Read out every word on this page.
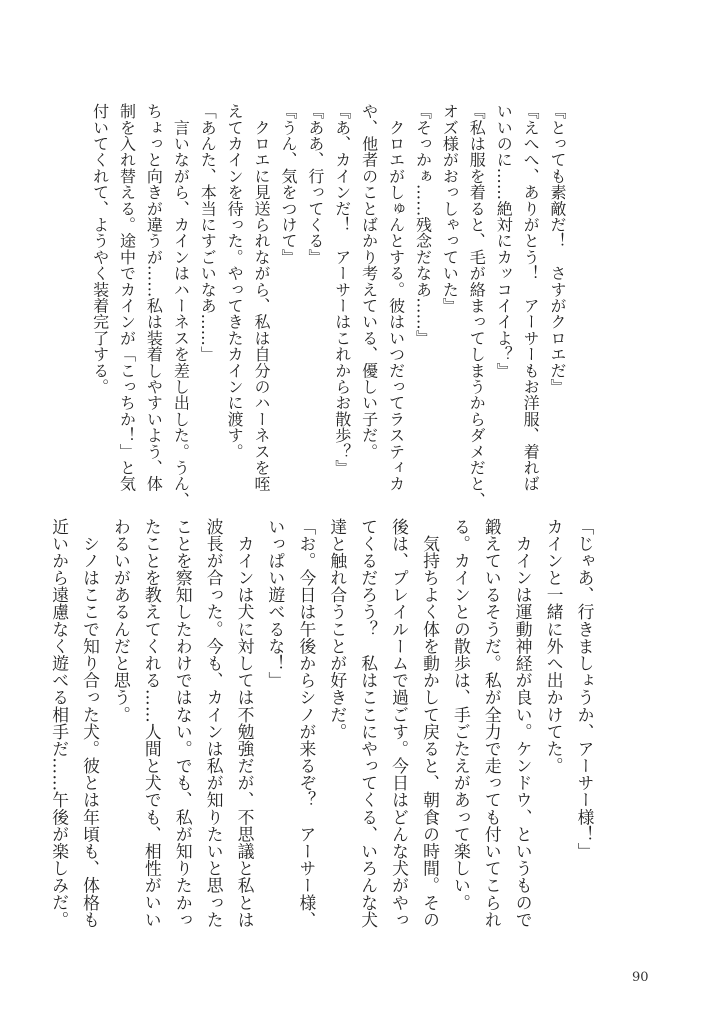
『とっても素敵だ！　さすがクロエだ』
『えへへ、ありがとう！　アーサーもお洋服、着れば
いいのに……絶対にカッコイイよ？』
『私は服を着ると、毛が絡まってしまうからダメだと、
オズ様がおっしゃっていた』
『そっかぁ……残念だなあ……』
　クロエがしゅんとする。彼はいつだってラスティカ
や、他者のことばかり考えている、優しい子だ。
『あ、カインだ！　アーサーはこれからお散歩？』
『ああ、行ってくる』
『うん、気をつけて』
　クロエに見送られながら、私は自分のハーネスを咥
えてカインを待った。やってきたカインに渡す。
「あんた、本当にすごいなあ……」
　言いながら、カインはハーネスを差し出した。うん、
ちょっと向きが違うが……私は装着しやすいよう、体
制を入れ替える。途中でカインが「こっちか！」と気
付いてくれて、ようやく装着完了する。
「じゃあ、行きましょうか、アーサー様！」
カインと一緒に外へ出かけてた。
　カインは運動神経が良い。ケンドウ、というもので
鍛えているそうだ。私が全力で走っても付いてこられ
る。カインとの散歩は、手ごたえがあって楽しい。
　気持ちよく体を動かして戻ると、朝食の時間。その
後は、プレイルームで過ごす。今日はどんな犬がやっ
てくるだろう？　私はここにやってくる、いろんな犬
達と触れ合うことが好きだ。
「お。今日は午後からシノが来るぞ？　アーサー様、
いっぱい遊べるな！」
　カインは犬に対しては不勉強だが、不思議と私とは
波長が合った。今も、カインは私が知りたいと思った
ことを察知したわけではない。でも、私が知りたかっ
たことを教えてくれる……人間と犬でも、相性がいい
わるいがあるんだと思う。
　シノはここで知り合った犬。彼とは年頃も、体格も
近いから遠慮なく遊べる相手だ……午後が楽しみだ。
90
